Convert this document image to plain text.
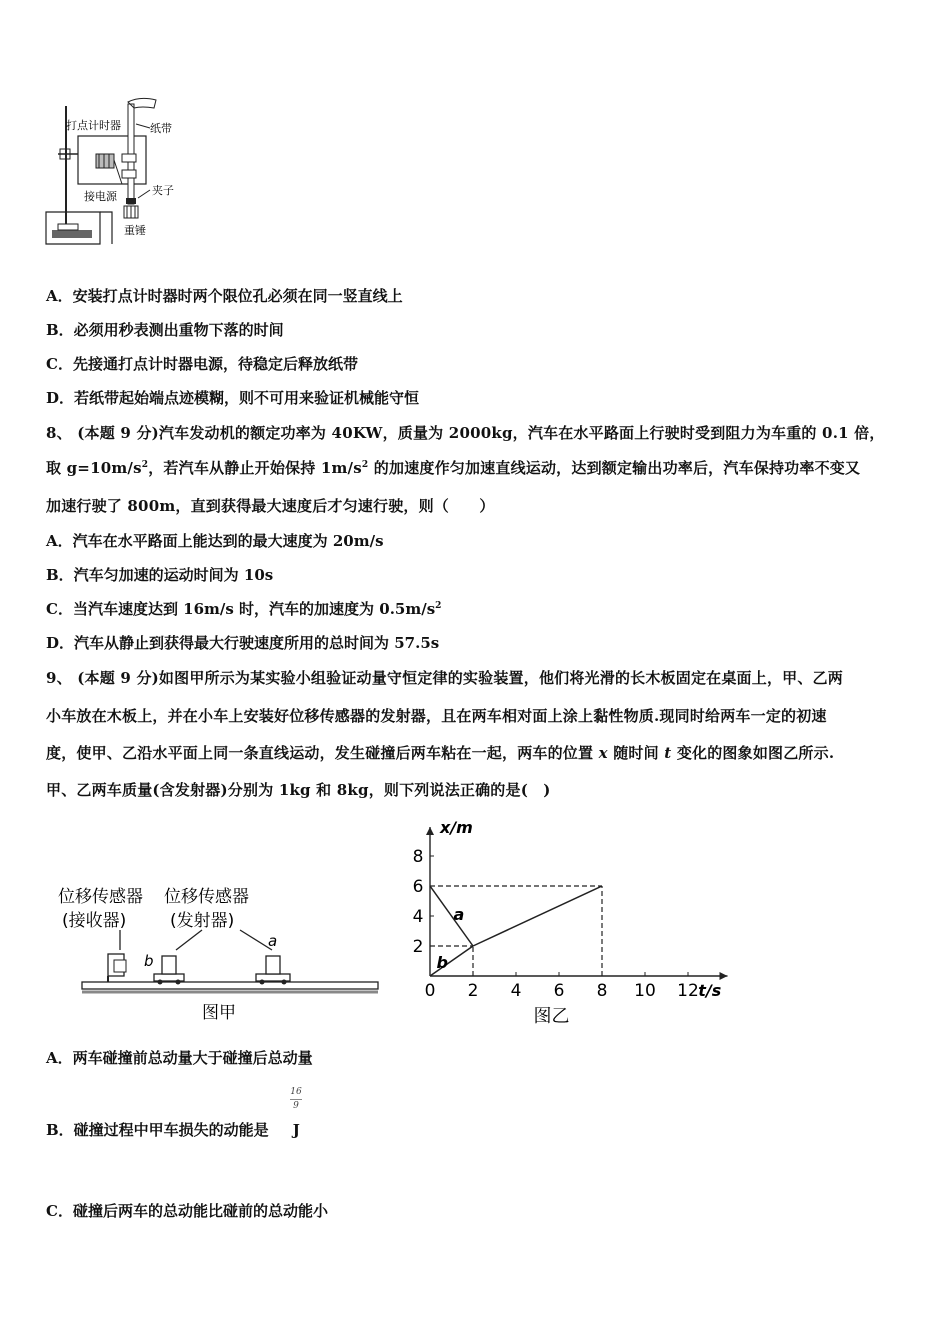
打点计时器	纸带
接电源	夹子
重锤
A．安装打点计时器时两个限位孔必须在同一竖直线上
B．必须用秒表测出重物下落的时间
C．先接通打点计时器电源，待稳定后释放纸带
D．若纸带起始端点迹模糊，则不可用来验证机械能守恒
8、 (本题 9 分)汽车发动机的额定功率为 40KW，质量为 2000kg，汽车在水平路面上行驶时受到阻力为车重的 0.1 倍，
取 $g=10m/s^2$，若汽车从静止开始保持 $1m/s^2$ 的加速度作匀加速直线运动，达到额定输出功率后，汽车保持功率不变又
加速行驶了 800m，直到获得最大速度后才匀速行驶，则（　　）
A．汽车在水平路面上能达到的最大速度为 20m/s
B．汽车匀加速的运动时间为 10s
C．当汽车速度达到 16m/s 时，汽车的加速度为 $0.5m/s^2$
D．汽车从静止到获得最大行驶速度所用的总时间为 57.5s
9、 (本题 9 分)如图甲所示为某实验小组验证动量守恒定律的实验装置，他们将光滑的长木板固定在桌面上，甲、乙两
小车放在木板上，并在小车上安装好位移传感器的发射器，且在两车相对面上涂上黏性物质.现同时给两车一定的初速
度，使甲、乙沿水平面上同一条直线运动，发生碰撞后两车粘在一起，两车的位置 x 随时间 t 变化的图象如图乙所示.
甲、乙两车质量(含发射器)分别为 1kg 和 8kg，则下列说法正确的是(　)
位移传感器
(接收器)
位移传感器
(发射器)
b
a
图甲
0 2 4 6 8 10 12
2
4
6
8
a
b
x/m
t/s
图乙
A．两车碰撞前总动量大于碰撞后总动量
B．碰撞过程中甲车损失的动能是 J
16
9
C．碰撞后两车的总动能比碰前的总动能小
